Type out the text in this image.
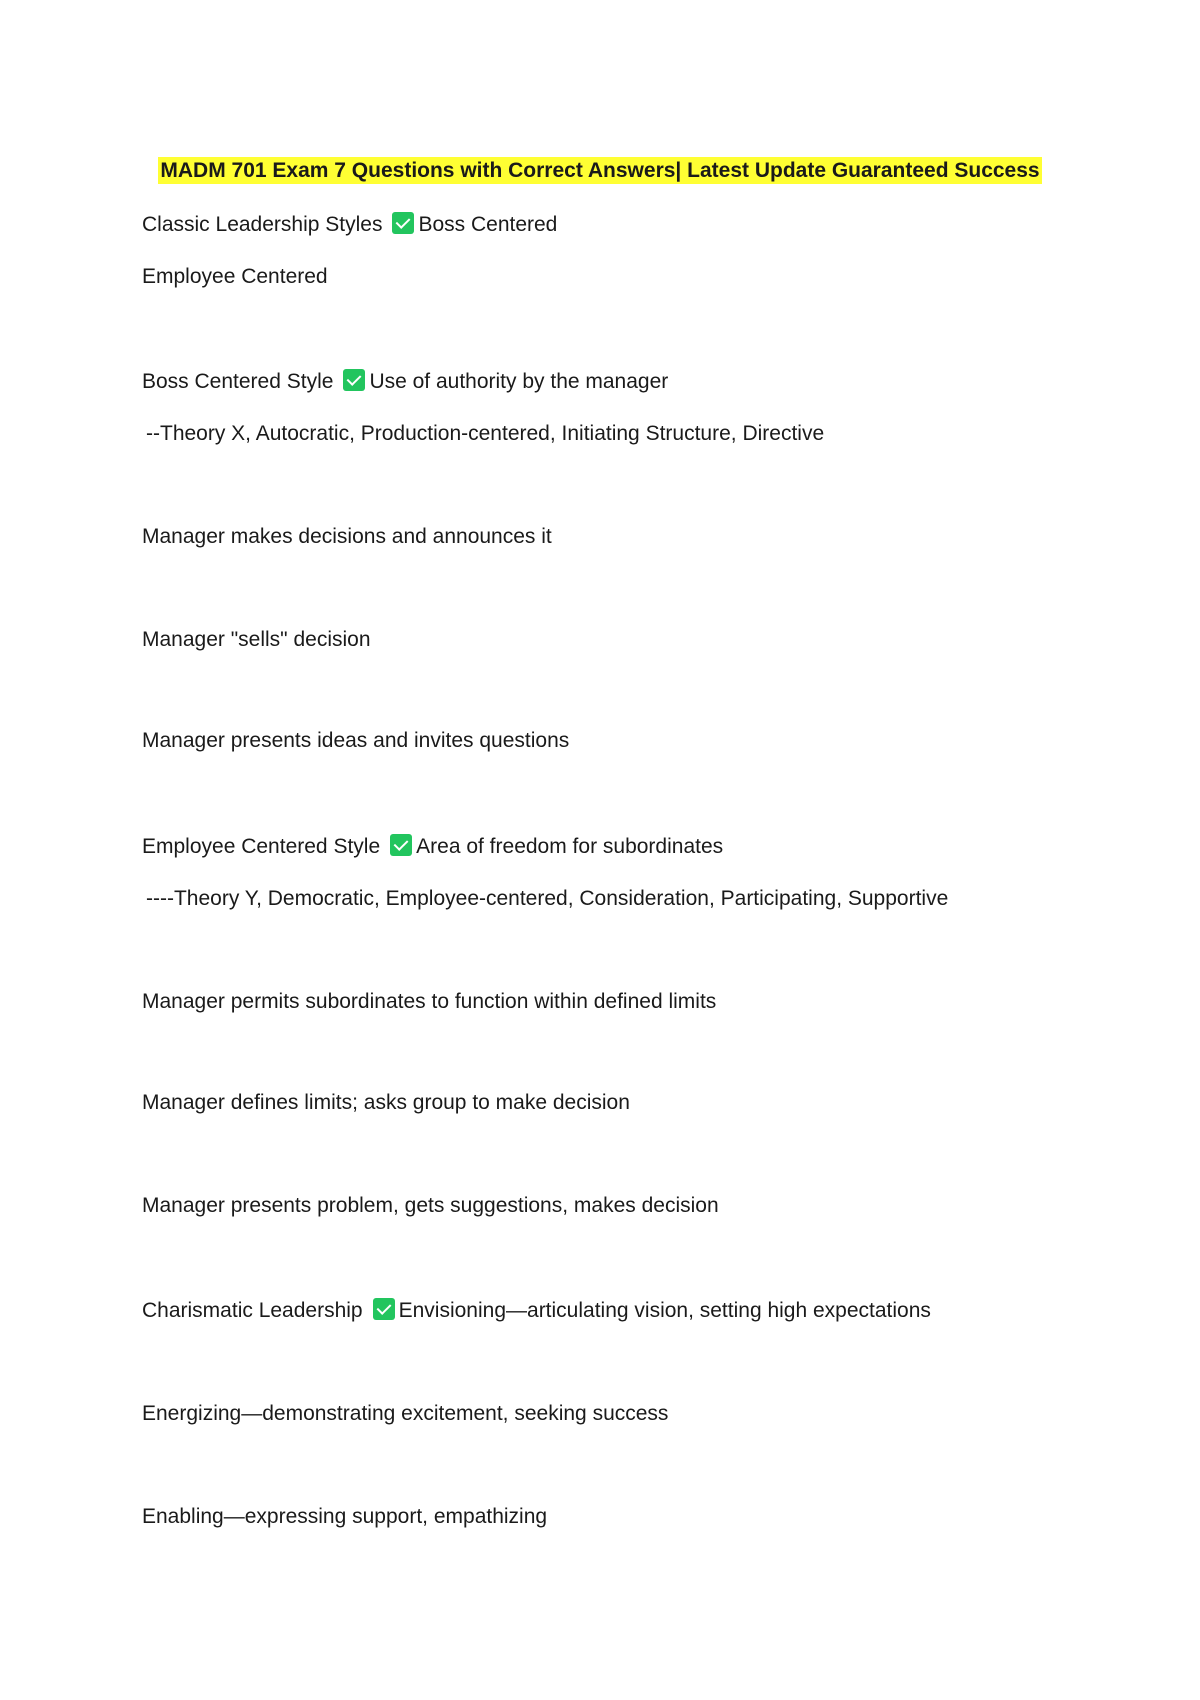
MADM 701 Exam 7 Questions with Correct Answers| Latest Update Guaranteed Success
Classic Leadership Styles Boss Centered
Employee Centered
Boss Centered Style Use of authority by the manager
--Theory X, Autocratic, Production-centered, Initiating Structure, Directive
Manager makes decisions and announces it
Manager "sells" decision
Manager presents ideas and invites questions
Employee Centered Style Area of freedom for subordinates
----Theory Y, Democratic, Employee-centered, Consideration, Participating, Supportive
Manager permits subordinates to function within defined limits
Manager defines limits; asks group to make decision
Manager presents problem, gets suggestions, makes decision
Charismatic Leadership Envisioning—articulating vision, setting high expectations
Energizing—demonstrating excitement, seeking success
Enabling—expressing support, empathizing
